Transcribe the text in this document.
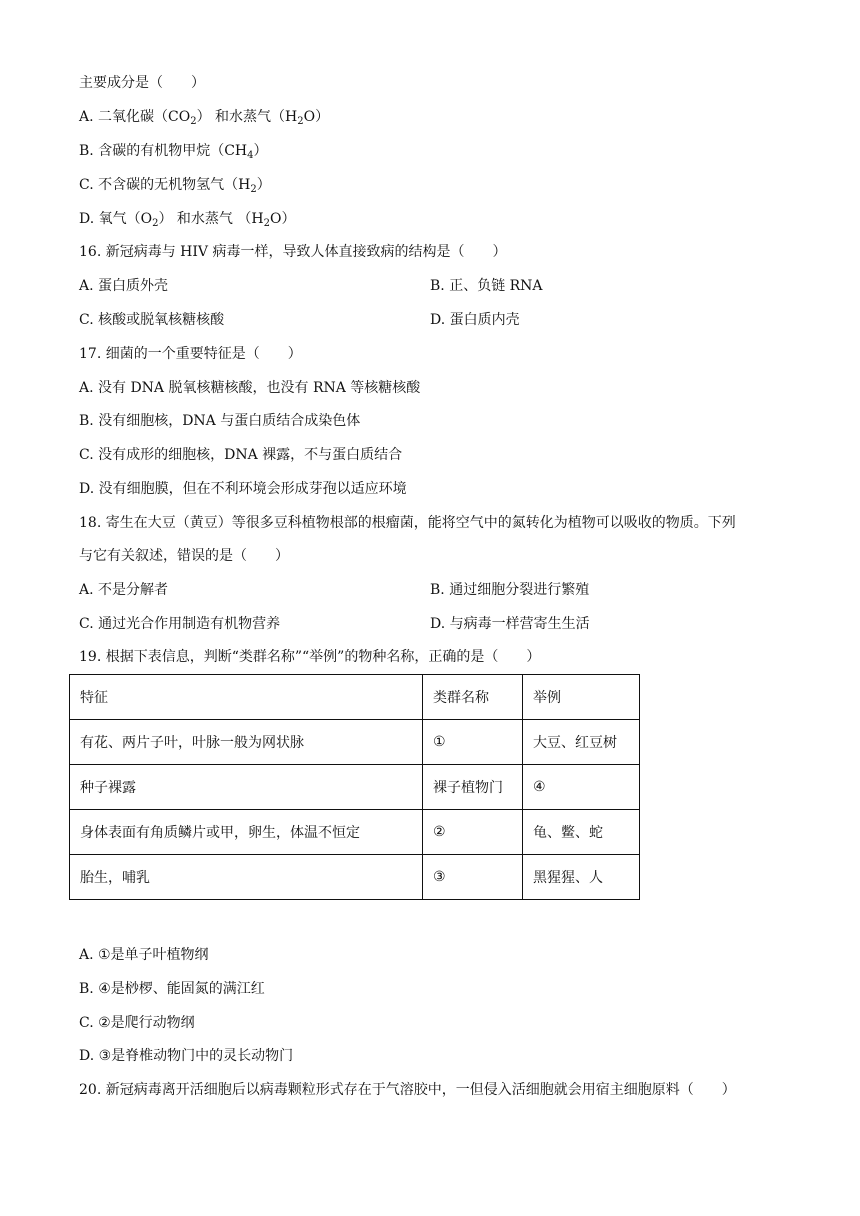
主要成分是（　　）
A. 二氧化碳$(CO_2)$ 和水蒸气$(H_2O)$
B. 含碳的有机物甲烷$(CH_4)$
C. 不含碳的无机物氢气$(H_2)$
D. 氧气$(O_2)$ 和水蒸气 $(H_2O)$
16. 新冠病毒与 HIV 病毒一样，导致人体直接致病的结构是（　　）
A. 蛋白质外壳	B. 正、负链 RNA
C. 核酸或脱氧核糖核酸	D. 蛋白质内壳
17. 细菌的一个重要特征是（　　）
A. 没有 DNA 脱氧核糖核酸，也没有 RNA 等核糖核酸
B. 没有细胞核，DNA 与蛋白质结合成染色体
C. 没有成形的细胞核，DNA 裸露，不与蛋白质结合
D. 没有细胞膜，但在不利环境会形成芽孢以适应环境
18. 寄生在大豆（黄豆）等很多豆科植物根部的根瘤菌，能将空气中的氮转化为植物可以吸收的物质。下列
与它有关叙述，错误的是（　　）
A. 不是分解者	B. 通过细胞分裂进行繁殖
C. 通过光合作用制造有机物营养	D. 与病毒一样营寄生生活
19. 根据下表信息，判断“类群名称”“举例”的物种名称，正确的是（　　）
特征	类群名称	举例
有花、两片子叶，叶脉一般为网状脉	①	大豆、红豆树
种子裸露	裸子植物门	④
身体表面有角质鳞片或甲，卵生，体温不恒定	②	龟、鳖、蛇
胎生，哺乳	③	黑猩猩、人
A. ①是单子叶植物纲
B. ④是桫椤、能固氮的满江红
C. ②是爬行动物纲
D. ③是脊椎动物门中的灵长动物门
20. 新冠病毒离开活细胞后以病毒颗粒形式存在于气溶胶中，一但侵入活细胞就会用宿主细胞原料（　　）
